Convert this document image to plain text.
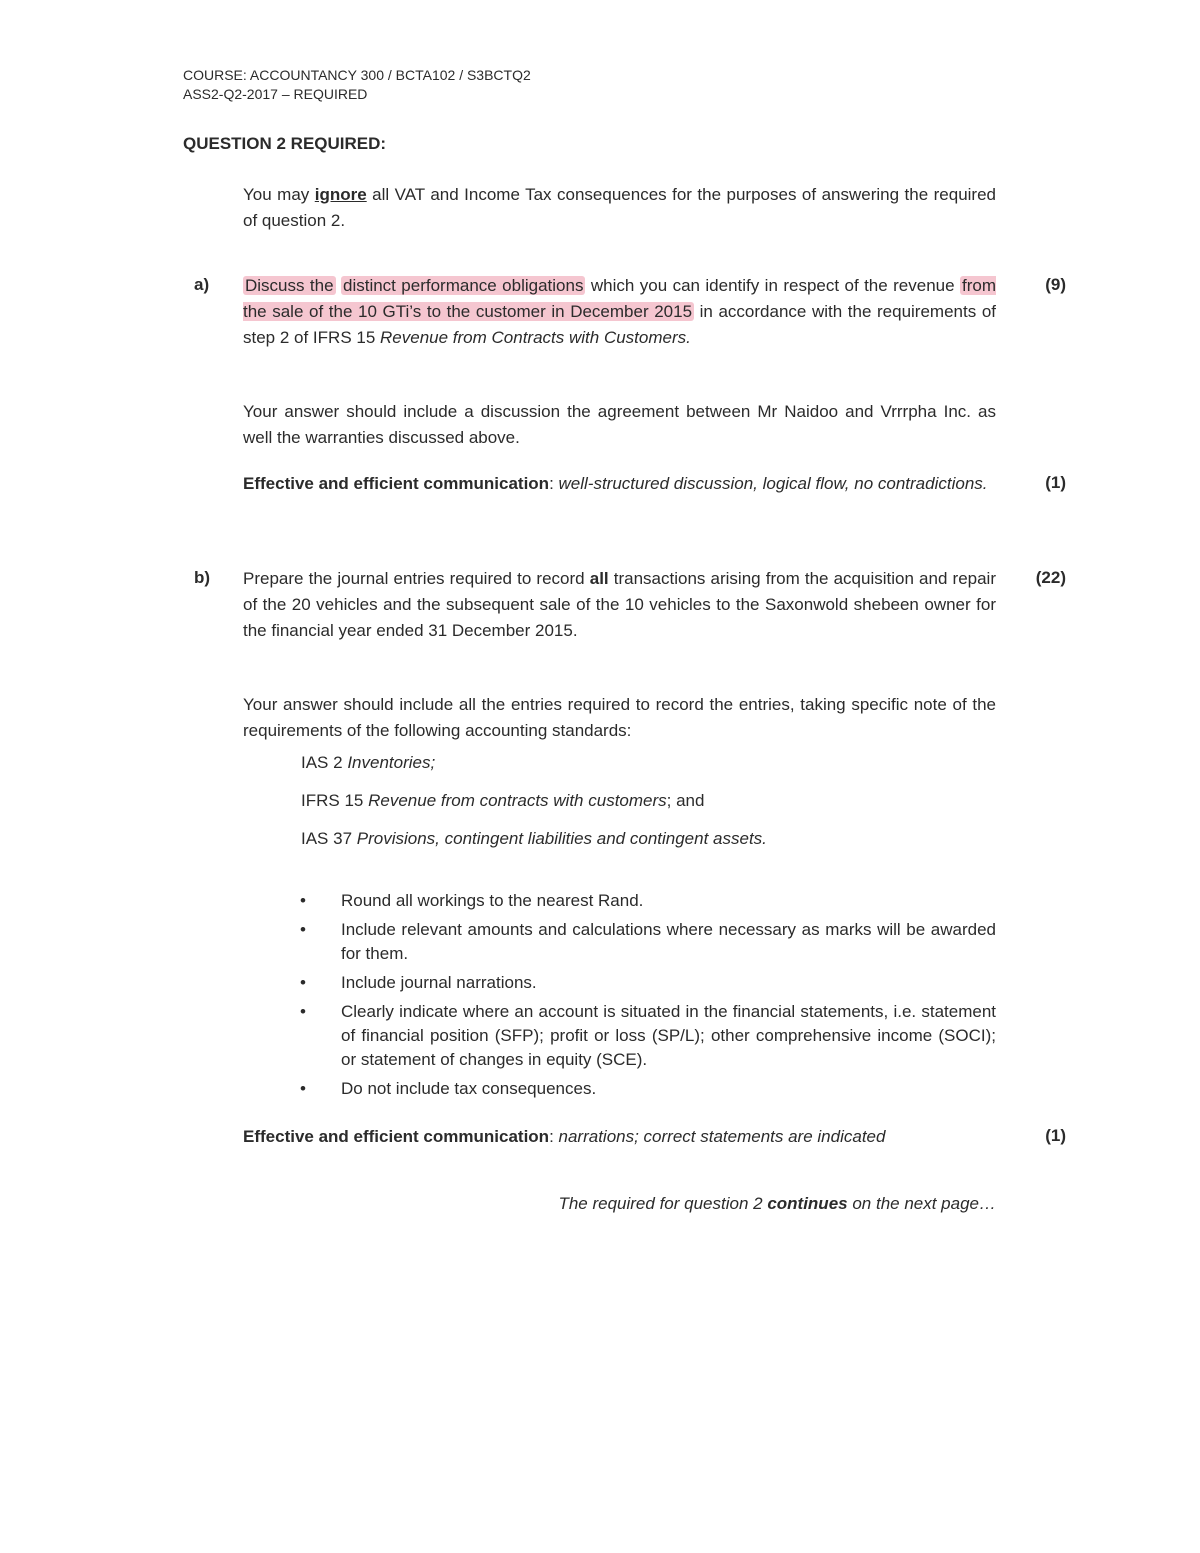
COURSE: ACCOUNTANCY 300 / BCTA102 / S3BCTQ2
ASS2-Q2-2017 – REQUIRED
QUESTION 2 REQUIRED:
You may ignore all VAT and Income Tax consequences for the purposes of answering the required of question 2.
a)	(9)
Discuss the distinct performance obligations which you can identify in respect of the revenue from the sale of the 10 GTi’s to the customer in December 2015 in accordance with the requirements of step 2 of IFRS 15 Revenue from Contracts with Customers.
Your answer should include a discussion the agreement between Mr Naidoo and Vrrrpha Inc. as well the warranties discussed above.
Effective and efficient communication: well-structured discussion, logical flow, no contradictions.	(1)
b)	(22)
Prepare the journal entries required to record all transactions arising from the acquisition and repair of the 20 vehicles and the subsequent sale of the 10 vehicles to the Saxonwold shebeen owner for the financial year ended 31 December 2015.
Your answer should include all the entries required to record the entries, taking specific note of the requirements of the following accounting standards:
IAS 2 Inventories;
IFRS 15 Revenue from contracts with customers; and
IAS 37 Provisions, contingent liabilities and contingent assets.
• Round all workings to the nearest Rand.
• Include relevant amounts and calculations where necessary as marks will be awarded for them.
• Include journal narrations.
• Clearly indicate where an account is situated in the financial statements, i.e. statement of financial position (SFP); profit or loss (SP/L); other comprehensive income (SOCI); or statement of changes in equity (SCE).
• Do not include tax consequences.
Effective and efficient communication: narrations; correct statements are indicated	(1)
The required for question 2 continues on the next page…
